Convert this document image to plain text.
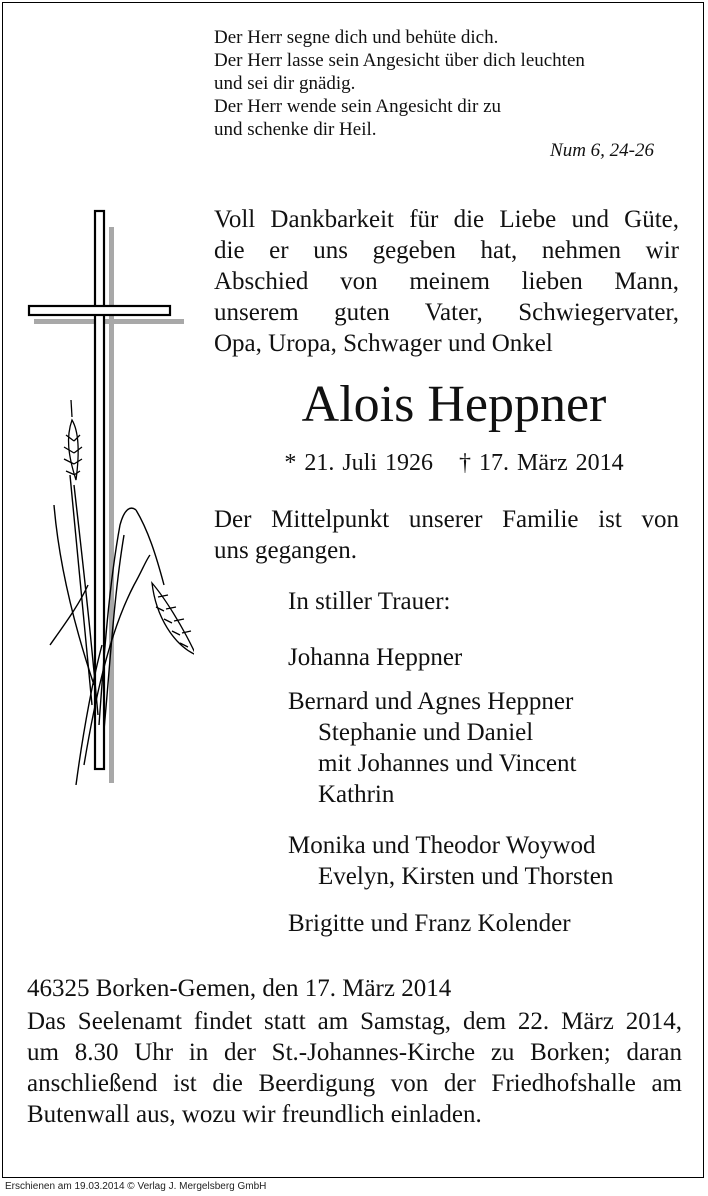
Der Herr segne dich und behüte dich.
Der Herr lasse sein Angesicht über dich leuchten
und sei dir gnädig.
Der Herr wende sein Angesicht dir zu
und schenke dir Heil.
Num 6, 24-26
Voll Dankbarkeit für die Liebe und Güte,
die er uns gegeben hat, nehmen wir
Abschied von meinem lieben Mann,
unserem guten Vater, Schwiegervater,
Opa, Uropa, Schwager und Onkel
Alois Heppner
* 21. Juli 1926 † 17. März 2014
Der Mittelpunkt unserer Familie ist von
uns gegangen.
In stiller Trauer:
Johanna Heppner
Bernard und Agnes Heppner
Stephanie und Daniel
mit Johannes und Vincent
Kathrin
Monika und Theodor Woywod
Evelyn, Kirsten und Thorsten
Brigitte und Franz Kolender
46325 Borken-Gemen, den 17. März 2014
Das Seelenamt findet statt am Samstag, dem 22. März 2014,
um 8.30 Uhr in der St.-Johannes-Kirche zu Borken; daran
anschließend ist die Beerdigung von der Friedhofshalle am
Butenwall aus, wozu wir freundlich einladen.
Erschienen am 19.03.2014 © Verlag J. Mergelsberg GmbH
